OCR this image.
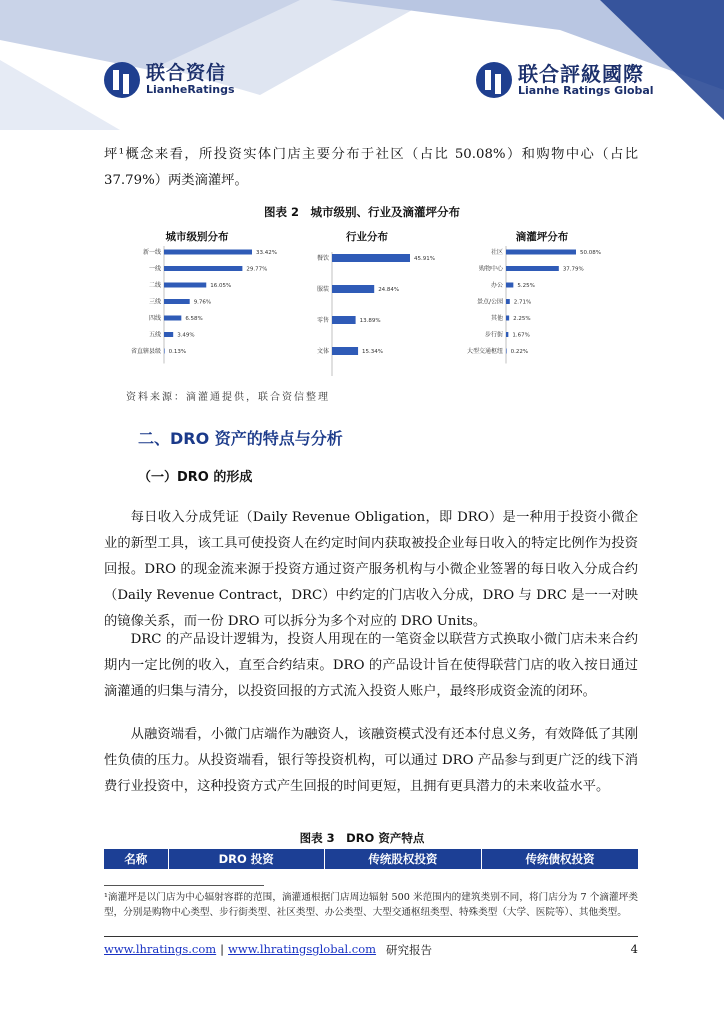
联合资信
LianheRatings
联合評級國際
Lianhe Ratings Global
坪¹概念来看，所投资实体门店主要分布于社区（占比 50.08%）和购物中心（占比 37.79%）两类滴灌坪。
图表 2　城市级别、行业及滴灌坪分布
城市级别分布
新一线	33.42%
一线	29.77%
二线	16.05%
三线	9.76%
四线	6.58%
五线	3.49%
省直辖县级 0.13%
行业分布
餐饮	45.91%
服装	24.84%
零售	13.89%
文体	15.34%
滴灌坪分布
社区	50.08%
购物中心	37.79%
办公	5.25%
景点/公园 2.71%
其他 2.25%
步行街 1.67%
大型交通枢纽 0.22%
资料来源：滴灌通提供，联合资信整理
二、DRO 资产的特点与分析
（一）DRO 的形成
每日收入分成凭证（Daily Revenue Obligation，即 DRO）是一种用于投资小微企业的新型工具，该工具可使投资人在约定时间内获取被投企业每日收入的特定比例作为投资回报。DRO 的现金流来源于投资方通过资产服务机构与小微企业签署的每日收入分成合约（Daily Revenue Contract，DRC）中约定的门店收入分成，DRO 与 DRC 是一一对映的镜像关系，而一份 DRO 可以拆分为多个对应的 DRO Units。
DRC 的产品设计逻辑为，投资人用现在的一笔资金以联营方式换取小微门店未来合约期内一定比例的收入，直至合约结束。DRO 的产品设计旨在使得联营门店的收入按日通过滴灌通的归集与清分，以投资回报的方式流入投资人账户，最终形成资金流的闭环。
从融资端看，小微门店端作为融资人，该融资模式没有还本付息义务，有效降低了其刚性负债的压力。从投资端看，银行等投资机构，可以通过 DRO 产品参与到更广泛的线下消费行业投资中，这种投资方式产生回报的时间更短，且拥有更具潜力的未来收益水平。
图表 3　DRO 资产特点
名称	DRO 投资	传统股权投资	传统债权投资
¹滴灌坪是以门店为中心辐射容群的范围，滴灌通根据门店周边辐射 500 米范围内的建筑类别不同，将门店分为 7 个滴灌坪类型，分别是购物中心类型、步行街类型、社区类型、办公类型、大型交通枢纽类型、特殊类型（大学、医院等）、其他类型。
www.lhratings.com | www.lhratingsglobal.com 研究报告	4
